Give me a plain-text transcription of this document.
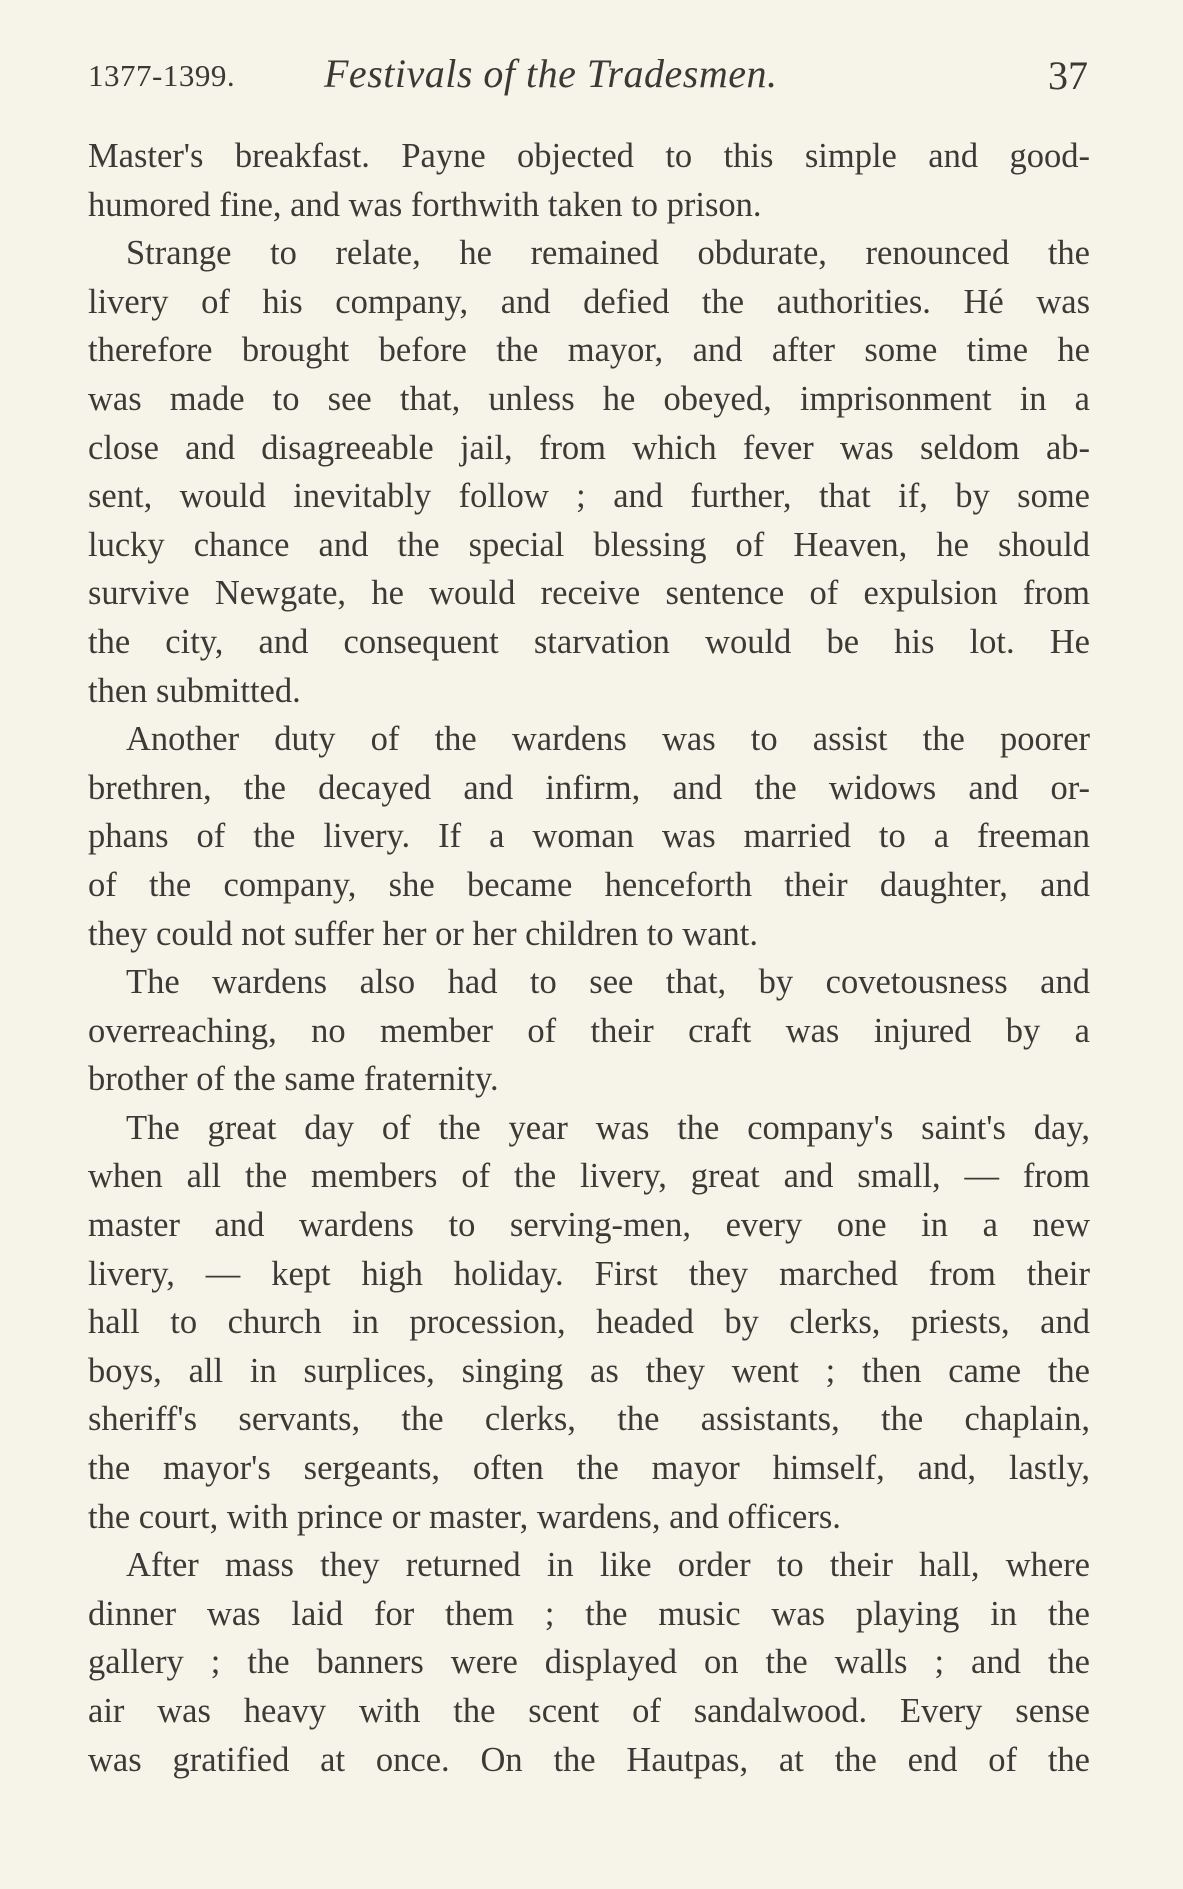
1377-1399. Festivals of the Tradesmen.	37
Master's breakfast. Payne objected to this simple and good-
humored fine, and was forthwith taken to prison.
Strange to relate, he remained obdurate, renounced the
livery of his company, and defied the authorities. Hé was
therefore brought before the mayor, and after some time he
was made to see that, unless he obeyed, imprisonment in a
close and disagreeable jail, from which fever was seldom ab-
sent, would inevitably follow ; and further, that if, by some
lucky chance and the special blessing of Heaven, he should
survive Newgate, he would receive sentence of expulsion from
the city, and consequent starvation would be his lot. He
then submitted.
Another duty of the wardens was to assist the poorer
brethren, the decayed and infirm, and the widows and or-
phans of the livery. If a woman was married to a freeman
of the company, she became henceforth their daughter, and
they could not suffer her or her children to want.
The wardens also had to see that, by covetousness and
overreaching, no member of their craft was injured by a
brother of the same fraternity.
The great day of the year was the company's saint's day,
when all the members of the livery, great and small, — from
master and wardens to serving-men, every one in a new
livery, — kept high holiday. First they marched from their
hall to church in procession, headed by clerks, priests, and
boys, all in surplices, singing as they went ; then came the
sheriff's servants, the clerks, the assistants, the chaplain,
the mayor's sergeants, often the mayor himself, and, lastly,
the court, with prince or master, wardens, and officers.
After mass they returned in like order to their hall, where
dinner was laid for them ; the music was playing in the
gallery ; the banners were displayed on the walls ; and the
air was heavy with the scent of sandalwood. Every sense
was gratified at once. On the Hautpas, at the end of the
